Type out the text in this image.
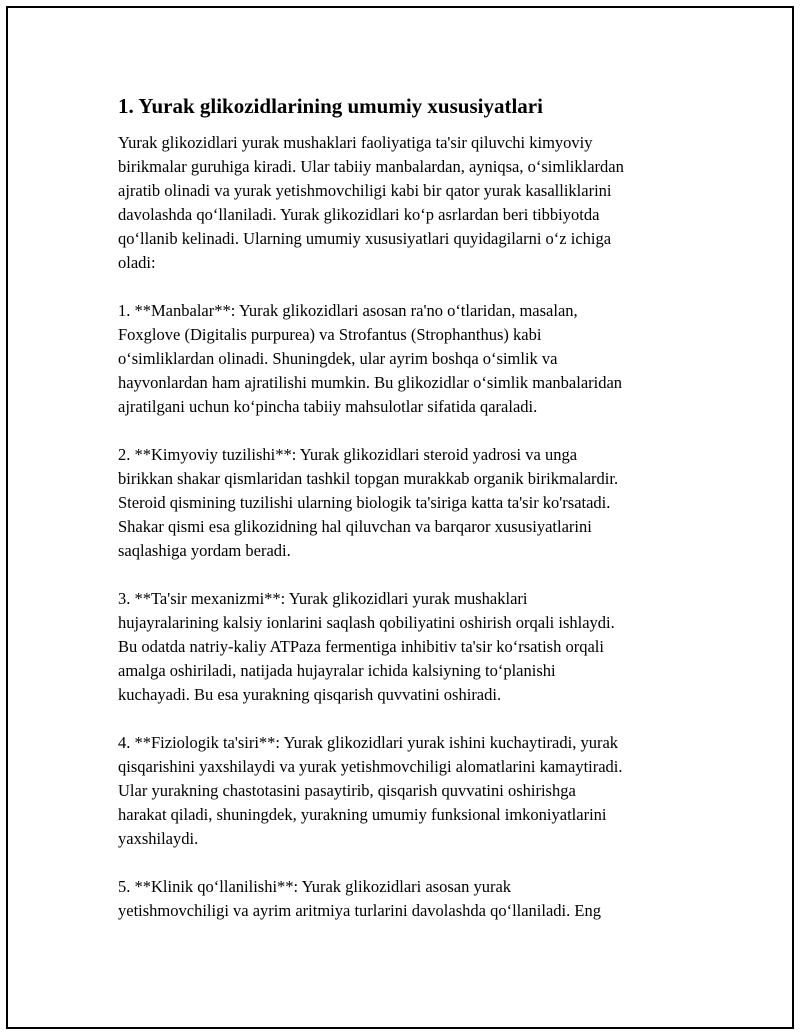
1. Yurak glikozidlarining umumiy xususiyatlari

Yurak glikozidlari yurak mushaklari faoliyatiga ta'sir qiluvchi kimyoviy
birikmalar guruhiga kiradi. Ular tabiiy manbalardan, ayniqsa, o‘simliklardan
ajratib olinadi va yurak yetishmovchiligi kabi bir qator yurak kasalliklarini
davolashda qo‘llaniladi. Yurak glikozidlari ko‘p asrlardan beri tibbiyotda
qo‘llanib kelinadi. Ularning umumiy xususiyatlari quyidagilarni o‘z ichiga
oladi:

1. **Manbalar**: Yurak glikozidlari asosan ra'no o‘tlaridan, masalan,
Foxglove (Digitalis purpurea) va Strofantus (Strophanthus) kabi
o‘simliklardan olinadi. Shuningdek, ular ayrim boshqa o‘simlik va
hayvonlardan ham ajratilishi mumkin. Bu glikozidlar o‘simlik manbalaridan
ajratilgani uchun ko‘pincha tabiiy mahsulotlar sifatida qaraladi.

2. **Kimyoviy tuzilishi**: Yurak glikozidlari steroid yadrosi va unga
birikkan shakar qismlaridan tashkil topgan murakkab organik birikmalardir.
Steroid qismining tuzilishi ularning biologik ta'siriga katta ta'sir ko'rsatadi.
Shakar qismi esa glikozidning hal qiluvchan va barqaror xususiyatlarini
saqlashiga yordam beradi.

3. **Ta'sir mexanizmi**: Yurak glikozidlari yurak mushaklari
hujayralarining kalsiy ionlarini saqlash qobiliyatini oshirish orqali ishlaydi.
Bu odatda natriy-kaliy ATPaza fermentiga inhibitiv ta'sir ko‘rsatish orqali
amalga oshiriladi, natijada hujayralar ichida kalsiyning to‘planishi
kuchayadi. Bu esa yurakning qisqarish quvvatini oshiradi.

4. **Fiziologik ta'siri**: Yurak glikozidlari yurak ishini kuchaytiradi, yurak
qisqarishini yaxshilaydi va yurak yetishmovchiligi alomatlarini kamaytiradi.
Ular yurakning chastotasini pasaytirib, qisqarish quvvatini oshirishga
harakat qiladi, shuningdek, yurakning umumiy funksional imkoniyatlarini
yaxshilaydi.

5. **Klinik qo‘llanilishi**: Yurak glikozidlari asosan yurak
yetishmovchiligi va ayrim aritmiya turlarini davolashda qo‘llaniladi. Eng
